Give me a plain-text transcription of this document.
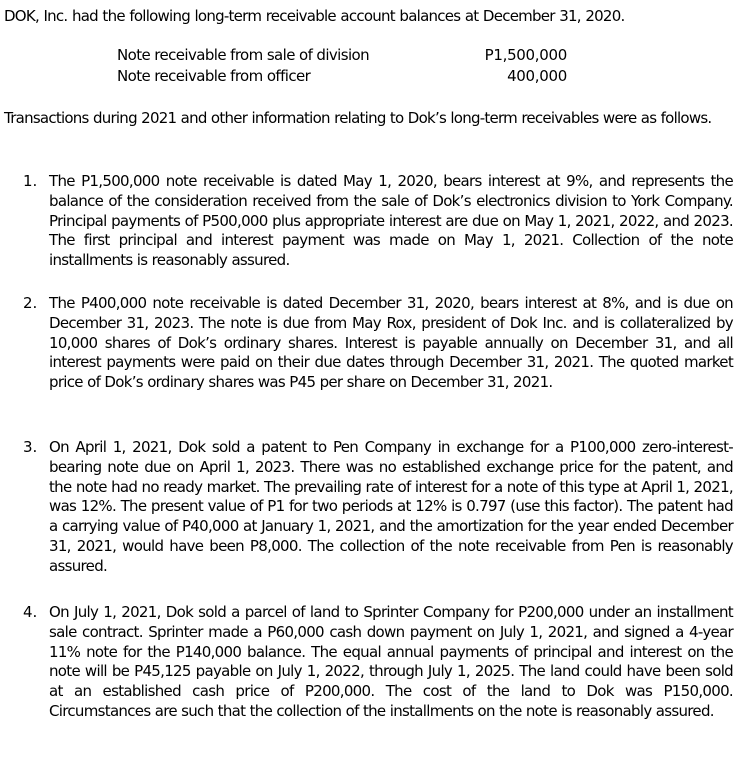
DOK, Inc. had the following long-term receivable account balances at December 31, 2020.
Note receivable from sale of division	P1,500,000
Note receivable from officer	400,000
Transactions during 2021 and other information relating to Dok’s long-term receivables were as follows.
1. The P1,500,000 note receivable is dated May 1, 2020, bears interest at 9%, and represents the balance of the consideration received from the sale of Dok’s electronics division to York Company. Principal payments of P500,000 plus appropriate interest are due on May 1, 2021, 2022, and 2023. The first principal and interest payment was made on May 1, 2021. Collection of the note installments is reasonably assured.
2. The P400,000 note receivable is dated December 31, 2020, bears interest at 8%, and is due on December 31, 2023. The note is due from May Rox, president of Dok Inc. and is collateralized by 10,000 shares of Dok’s ordinary shares. Interest is payable annually on December 31, and all interest payments were paid on their due dates through December 31, 2021. The quoted market price of Dok’s ordinary shares was P45 per share on December 31, 2021.
3. On April 1, 2021, Dok sold a patent to Pen Company in exchange for a P100,000 zero-interest-bearing note due on April 1, 2023. There was no established exchange price for the patent, and the note had no ready market. The prevailing rate of interest for a note of this type at April 1, 2021, was 12%. The present value of P1 for two periods at 12% is 0.797 (use this factor). The patent had a carrying value of P40,000 at January 1, 2021, and the amortization for the year ended December 31, 2021, would have been P8,000. The collection of the note receivable from Pen is reasonably assured.
4. On July 1, 2021, Dok sold a parcel of land to Sprinter Company for P200,000 under an installment sale contract. Sprinter made a P60,000 cash down payment on July 1, 2021, and signed a 4-year 11% note for the P140,000 balance. The equal annual payments of principal and interest on the note will be P45,125 payable on July 1, 2022, through July 1, 2025. The land could have been sold at an established cash price of P200,000. The cost of the land to Dok was P150,000. Circumstances are such that the collection of the installments on the note is reasonably assured.
